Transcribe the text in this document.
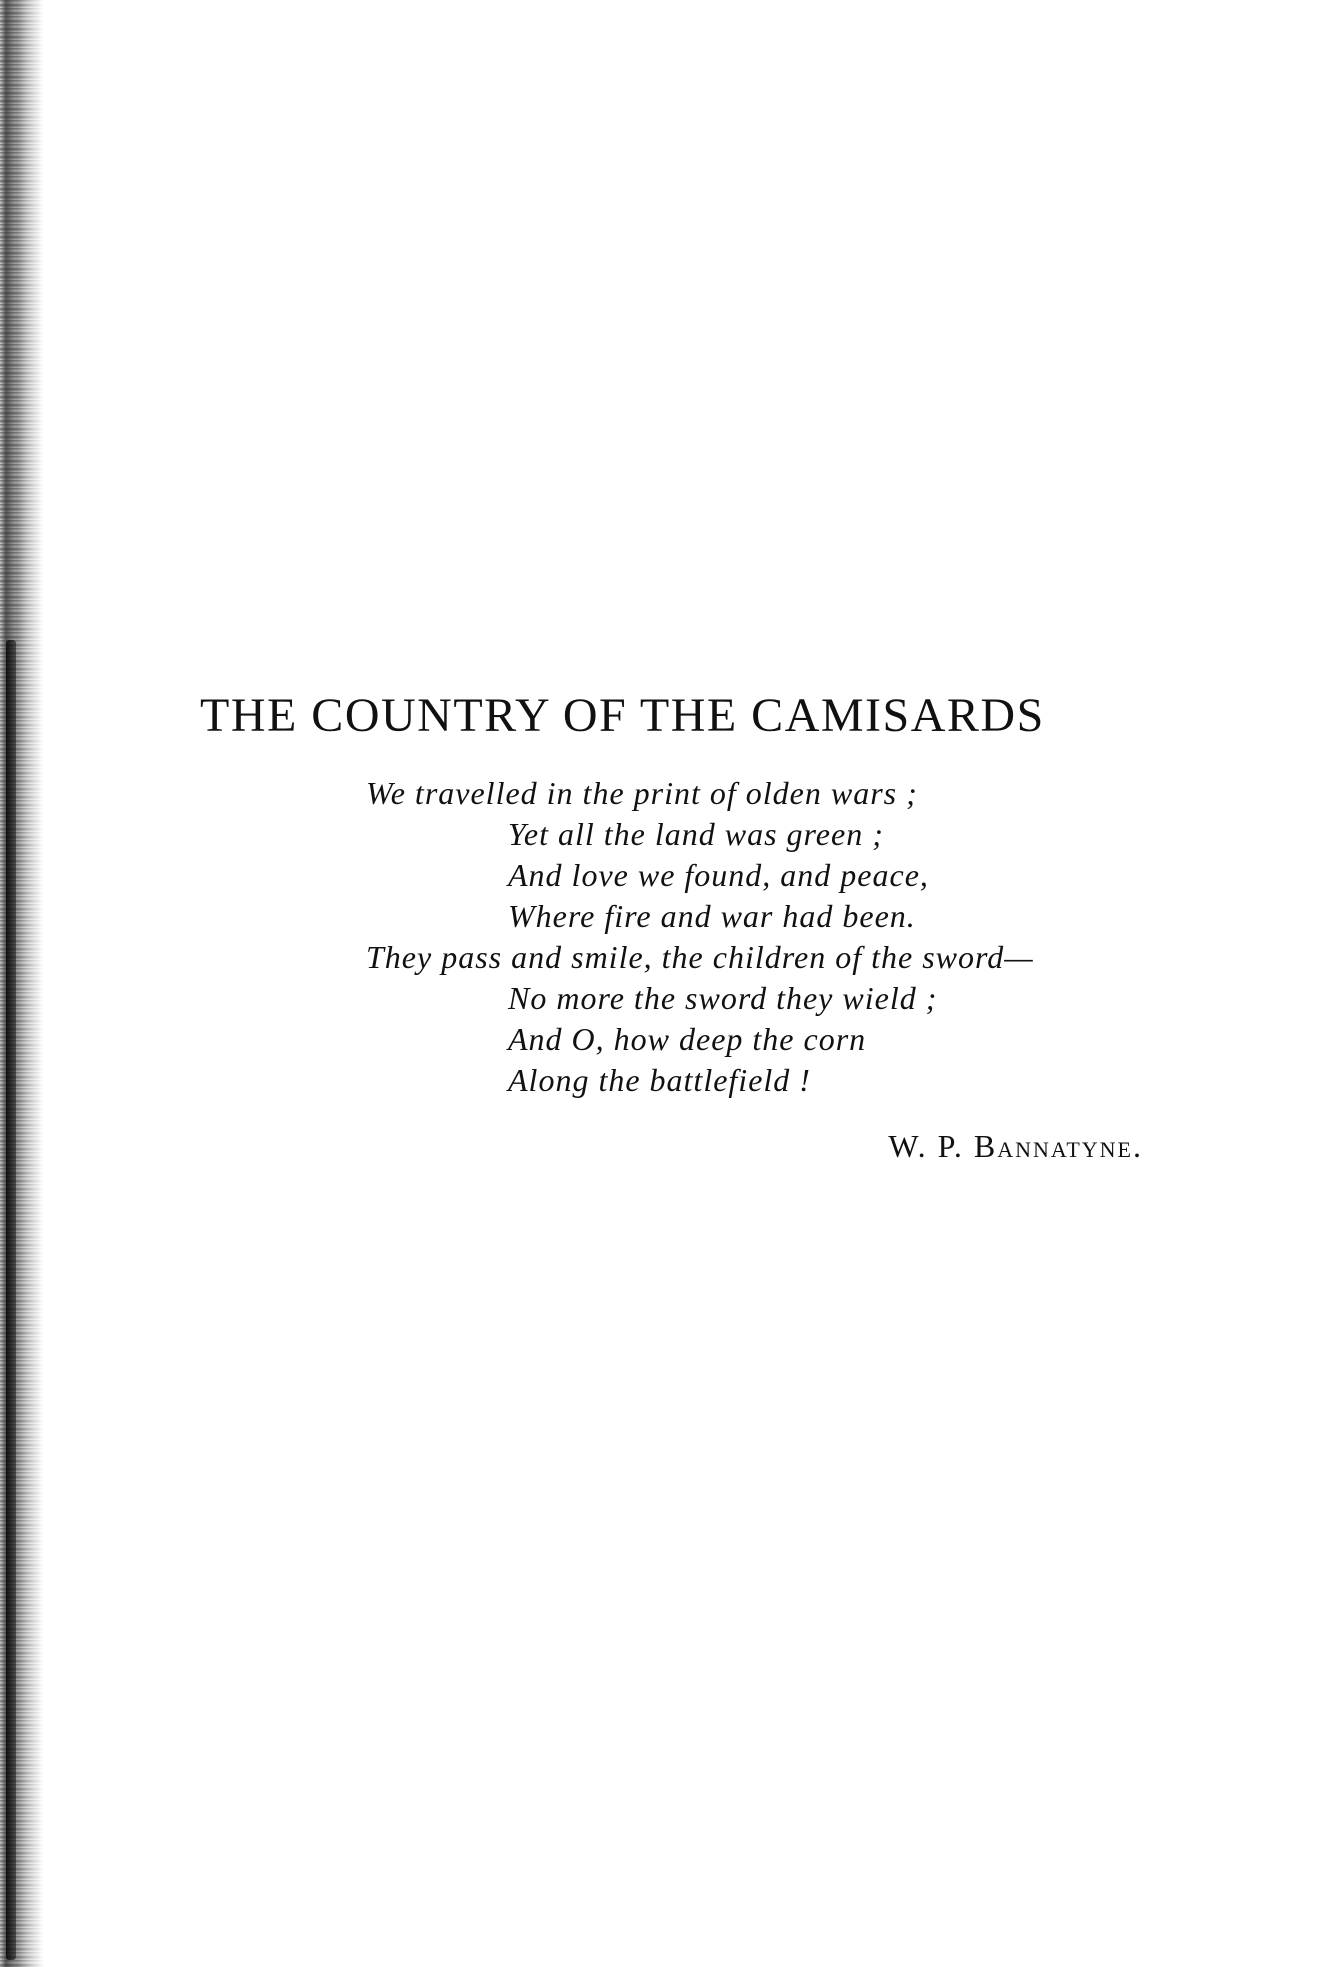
THE COUNTRY OF THE CAMISARDS

We travelled in the print of olden wars ;

Yet all the land was green ;

And love we found, and peace,

Where fire and war had been.

They pass and smile, the children of the sword—

No more the sword they wield ;

And O, how deep the corn

Along the battlefield !

W. P. Bannatyne.
